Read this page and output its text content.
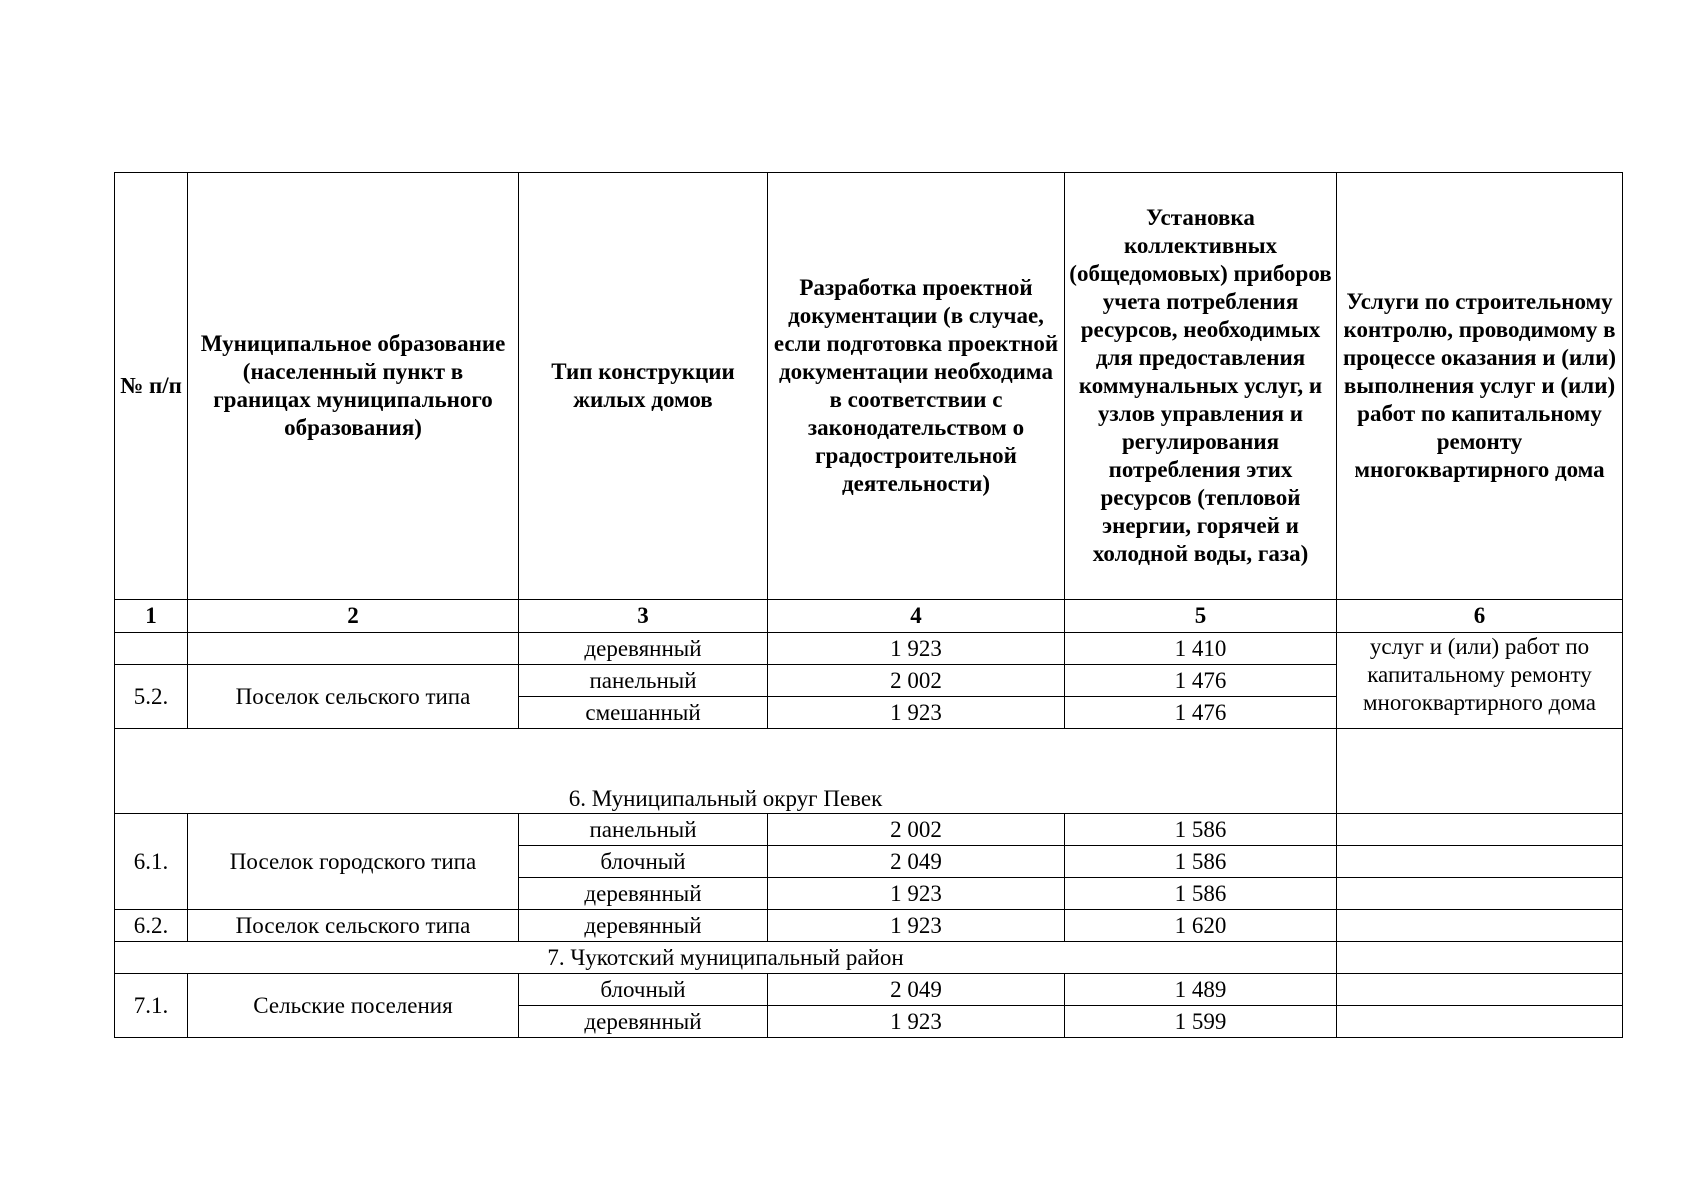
№ п/п	Муниципальное образование (населенный пункт в границах муниципального образования)	Тип конструкции жилых домов	Разработка проектной документации (в случае, если подготовка проектной документации необходима в соответствии с законодательством о градостроительной деятельности)	Установка коллективных (общедомовых) приборов учета потребления ресурсов, необходимых для предоставления коммунальных услуг, и узлов управления и регулирования потребления этих ресурсов (тепловой энергии, горячей и холодной воды, газа)	Услуги по строительному контролю, проводимому в процессе оказания и (или) выполнения услуг и (или) работ по капитальному ремонту многоквартирного дома
1	2	3	4	5	6
		деревянный	1 923	1 410	услуг и (или) работ по капитальному ремонту многоквартирного дома
5.2.	Поселок сельского типа	панельный	2 002	1 476	
		смешанный	1 923	1 476	
6. Муниципальный округ Певек					
6.1.	Поселок городского типа	панельный	2 002	1 586	
		блочный	2 049	1 586	
		деревянный	1 923	1 586	
6.2.	Поселок сельского типа	деревянный	1 923	1 620	
7. Чукотский муниципальный район					
7.1.	Сельские поселения	блочный	2 049	1 489	
		деревянный	1 923	1 599	
